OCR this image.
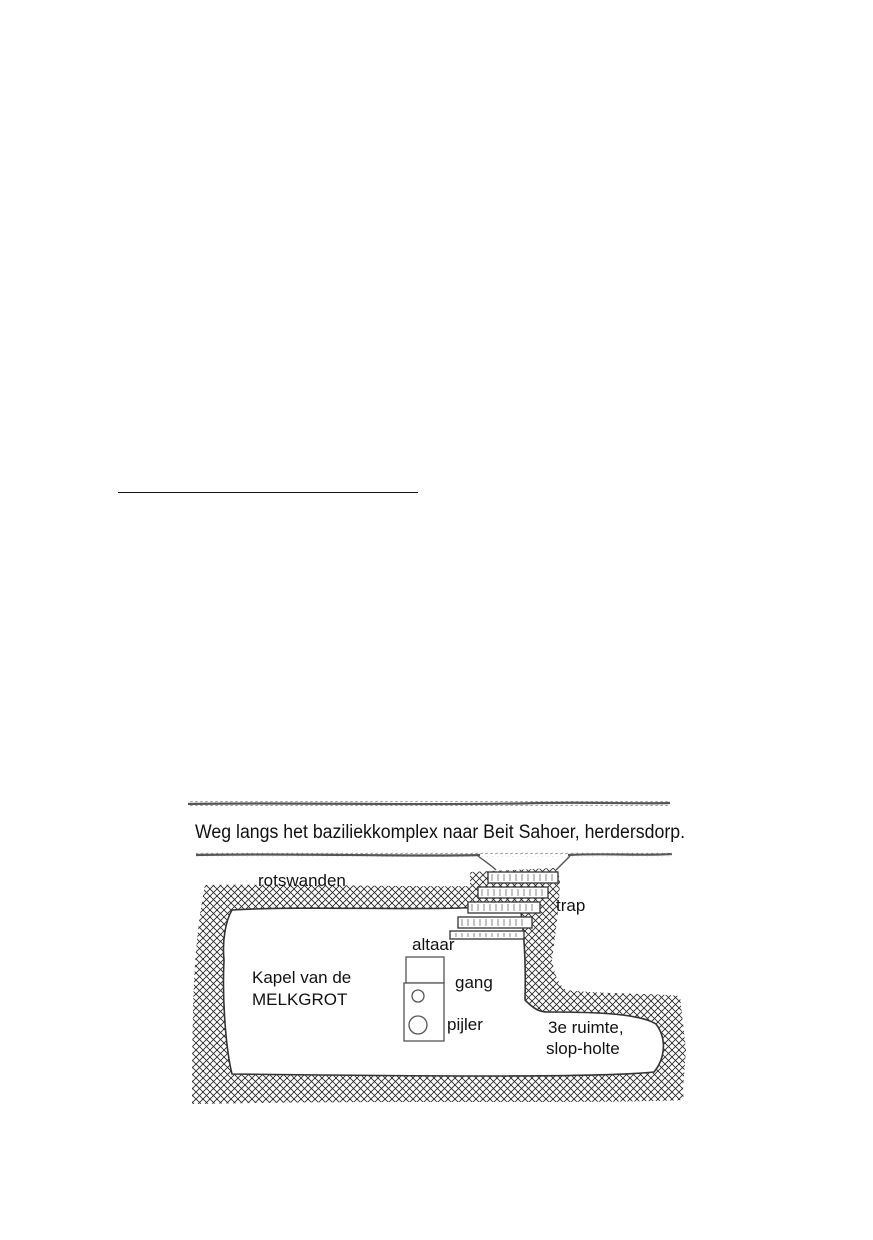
Weg langs het baziliekkomplex naar Beit Sahoer, herdersdorp.
rotswanden
trap
altaar
Kapel van de
MELKGROT
gang
pijler	3e ruimte,
slop-holte
